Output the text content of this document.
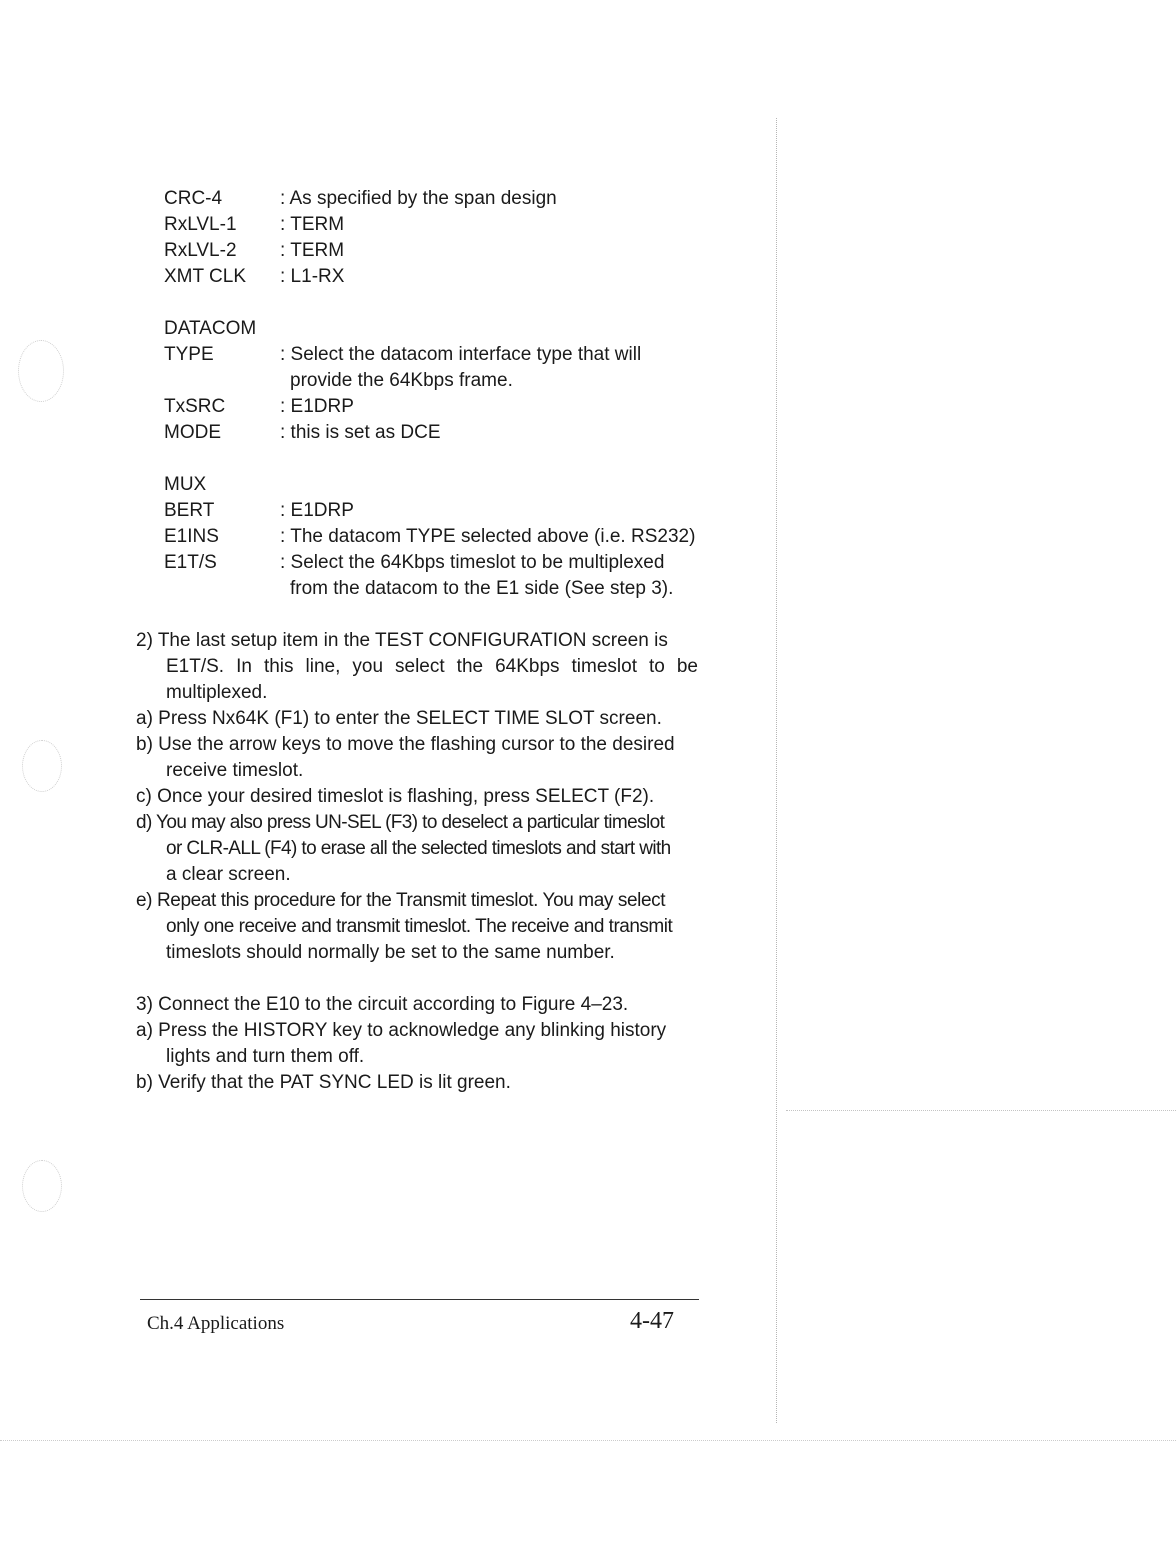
CRC-4	: As specified by the span design
RxLVL-1 : TERM
RxLVL-2 : TERM
XMT CLK : L1-RX
DATACOM
TYPE	: Select the datacom interface type that will
provide the 64Kbps frame.
TxSRC	: E1DRP
MODE	: this is set as DCE
MUX
BERT	: E1DRP
E1INS	: The datacom TYPE selected above (i.e. RS232)
E1T/S	: Select the 64Kbps timeslot to be multiplexed
from the datacom to the E1 side (See step 3).
2) The last setup item in the TEST CONFIGURATION screen is
E1T/S. In this line, you select the 64Kbps timeslot to be
multiplexed.
a) Press Nx64K (F1) to enter the SELECT TIME SLOT screen.
b) Use the arrow keys to move the flashing cursor to the desired
receive timeslot.
c) Once your desired timeslot is flashing, press SELECT (F2).
d) You may also press UN-SEL (F3) to deselect a particular timeslot
or CLR-ALL (F4) to erase all the selected timeslots and start with
a clear screen.
e) Repeat this procedure for the Transmit timeslot. You may select
only one receive and transmit timeslot. The receive and transmit
timeslots should normally be set to the same number.
3) Connect the E10 to the circuit according to Figure 4–23.
a) Press the HISTORY key to acknowledge any blinking history
lights and turn them off.
b) Verify that the PAT SYNC LED is lit green.
Ch.4 Applications	4-47
